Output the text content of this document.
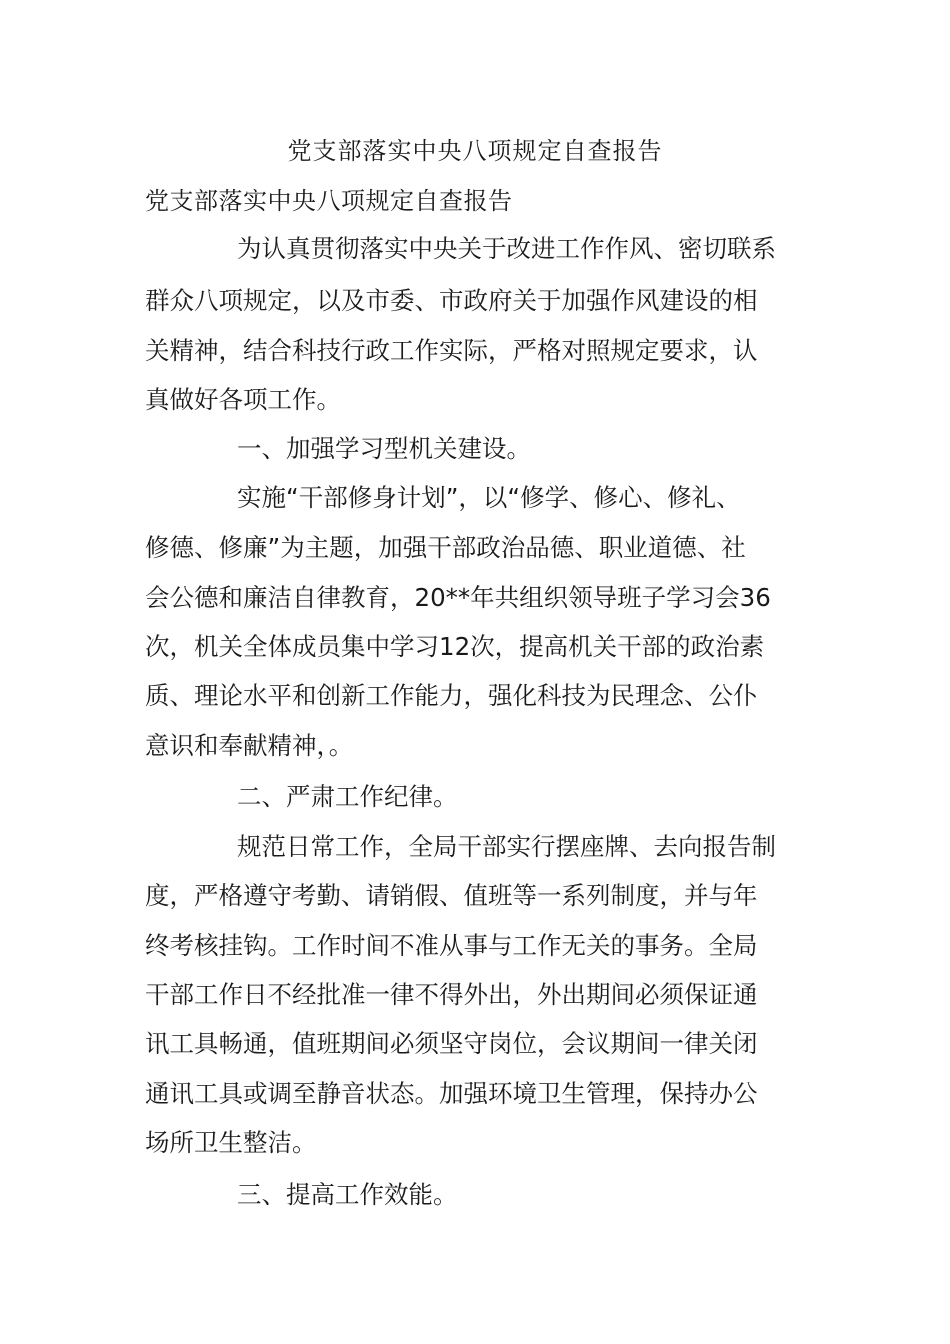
党支部落实中央八项规定自查报告
党支部落实中央八项规定自查报告
为认真贯彻落实中央关于改进工作作风、密切联系
群众八项规定，以及市委、市政府关于加强作风建设的相
关精神，结合科技行政工作实际，严格对照规定要求，认
真做好各项工作。
一、加强学习型机关建设。
实施“干部修身计划”，以“修学、修心、修礼、
修德、修廉”为主题，加强干部政治品德、职业道德、社
会公德和廉洁自律教育，20**年共组织领导班子学习会36
次，机关全体成员集中学习12次，提高机关干部的政治素
质、理论水平和创新工作能力，强化科技为民理念、公仆
意识和奉献精神，。
二、严肃工作纪律。
规范日常工作，全局干部实行摆座牌、去向报告制
度，严格遵守考勤、请销假、值班等一系列制度，并与年
终考核挂钩。工作时间不准从事与工作无关的事务。全局
干部工作日不经批准一律不得外出，外出期间必须保证通
讯工具畅通，值班期间必须坚守岗位，会议期间一律关闭
通讯工具或调至静音状态。加强环境卫生管理，保持办公
场所卫生整洁。
三、提高工作效能。
